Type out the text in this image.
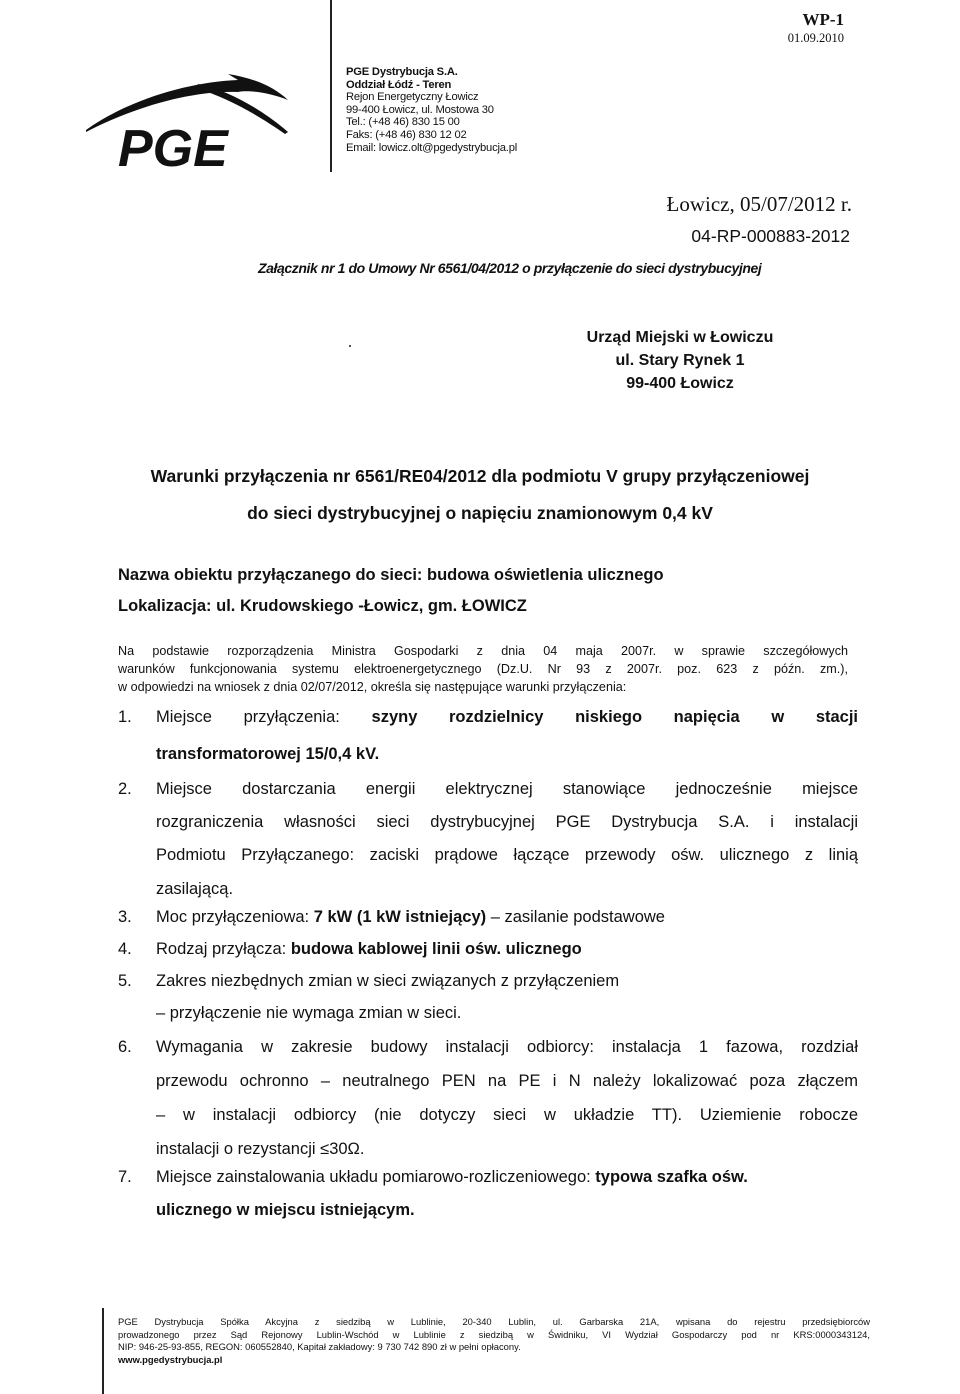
PGE
PGE Dystrybucja S.A.
Oddział Łódź - Teren
Rejon Energetyczny Łowicz
99-400 Łowicz, ul. Mostowa 30
Tel.: (+48 46) 830 15 00
Faks: (+48 46) 830 12 02
Email: lowicz.olt@pgedystrybucja.pl
WP-1
01.09.2010
Łowicz, 05/07/2012 r.
04-RP-000883-2012
Załącznik nr 1 do Umowy Nr 6561/04/2012 o przyłączenie do sieci dystrybucyjnej
Urząd Miejski w Łowiczu
ul. Stary Rynek 1
99-400 Łowicz
Warunki przyłączenia nr 6561/RE04/2012 dla podmiotu V grupy przyłączeniowej
do sieci dystrybucyjnej o napięciu znamionowym 0,4 kV
Nazwa obiektu przyłączanego do sieci: budowa oświetlenia ulicznego
Lokalizacja: ul. Krudowskiego -Łowicz, gm. ŁOWICZ
Na podstawie rozporządzenia Ministra Gospodarki z dnia 04 maja 2007r. w sprawie szczegółowych
warunków funkcjonowania systemu elektroenergetycznego (Dz.U. Nr 93 z 2007r. poz. 623 z późn. zm.),
w odpowiedzi na wniosek z dnia 02/07/2012, określa się następujące warunki przyłączenia:
1. Miejsce przyłączenia: szyny rozdzielnicy niskiego napięcia w stacji
transformatorowej 15/0,4 kV.
2. Miejsce dostarczania energii elektrycznej stanowiące jednocześnie miejsce
rozgraniczenia własności sieci dystrybucyjnej PGE Dystrybucja S.A. i instalacji
Podmiotu Przyłączanego: zaciski prądowe łączące przewody ośw. ulicznego z linią
zasilającą.
3. Moc przyłączeniowa: 7 kW (1 kW istniejący) – zasilanie podstawowe
4. Rodzaj przyłącza: budowa kablowej linii ośw. ulicznego
5. Zakres niezbędnych zmian w sieci związanych z przyłączeniem
– przyłączenie nie wymaga zmian w sieci.
6. Wymagania w zakresie budowy instalacji odbiorcy: instalacja 1 fazowa, rozdział
przewodu ochronno – neutralnego PEN na PE i N należy lokalizować poza złączem
– w instalacji odbiorcy (nie dotyczy sieci w układzie TT). Uziemienie robocze
instalacji o rezystancji ≤30Ω.
7. Miejsce zainstalowania układu pomiarowo-rozliczeniowego: typowa szafka ośw.
ulicznego w miejscu istniejącym.
PGE Dystrybucja Spółka Akcyjna z siedzibą w Lublinie, 20-340 Lublin, ul. Garbarska 21A, wpisana do rejestru przedsiębiorców
prowadzonego przez Sąd Rejonowy Lublin-Wschód w Lublinie z siedzibą w Świdniku, VI Wydział Gospodarczy pod nr KRS:0000343124,
NIP: 946-25-93-855, REGON: 060552840, Kapitał zakładowy: 9 730 742 890 zł w pełni opłacony.
www.pgedystrybucja.pl
